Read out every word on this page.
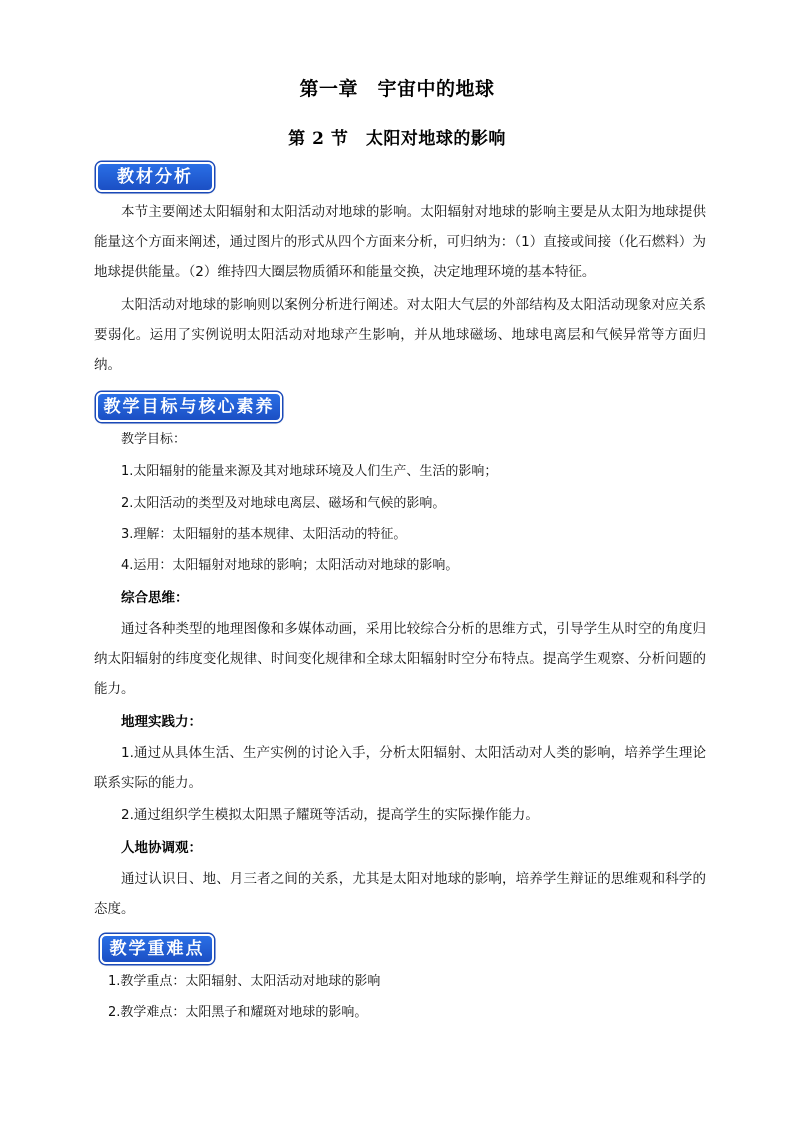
第一章　宇宙中的地球
第 2 节　太阳对地球的影响
教材分析
本节主要阐述太阳辐射和太阳活动对地球的影响。太阳辐射对地球的影响主要是从太阳为地球提供能量这个方面来阐述，通过图片的形式从四个方面来分析，可归纳为：（1）直接或间接（化石燃料）为地球提供能量。（2）维持四大圈层物质循环和能量交换，决定地理环境的基本特征。
太阳活动对地球的影响则以案例分析进行阐述。对太阳大气层的外部结构及太阳活动现象对应关系要弱化。运用了实例说明太阳活动对地球产生影响，并从地球磁场、地球电离层和气候异常等方面归纳。
教学目标与核心素养
教学目标：
1.太阳辐射的能量来源及其对地球环境及人们生产、生活的影响；
2.太阳活动的类型及对地球电离层、磁场和气候的影响。
3.理解：太阳辐射的基本规律、太阳活动的特征。
4.运用：太阳辐射对地球的影响；太阳活动对地球的影响。
综合思维：
通过各种类型的地理图像和多媒体动画，采用比较综合分析的思维方式，引导学生从时空的角度归纳太阳辐射的纬度变化规律、时间变化规律和全球太阳辐射时空分布特点。提高学生观察、分析问题的能力。
地理实践力：
1.通过从具体生活、生产实例的讨论入手，分析太阳辐射、太阳活动对人类的影响，培养学生理论联系实际的能力。
2.通过组织学生模拟太阳黑子耀斑等活动，提高学生的实际操作能力。
人地协调观：
通过认识日、地、月三者之间的关系，尤其是太阳对地球的影响，培养学生辩证的思维观和科学的态度。
教学重难点
1.教学重点：太阳辐射、太阳活动对地球的影响
2.教学难点：太阳黑子和耀斑对地球的影响。
